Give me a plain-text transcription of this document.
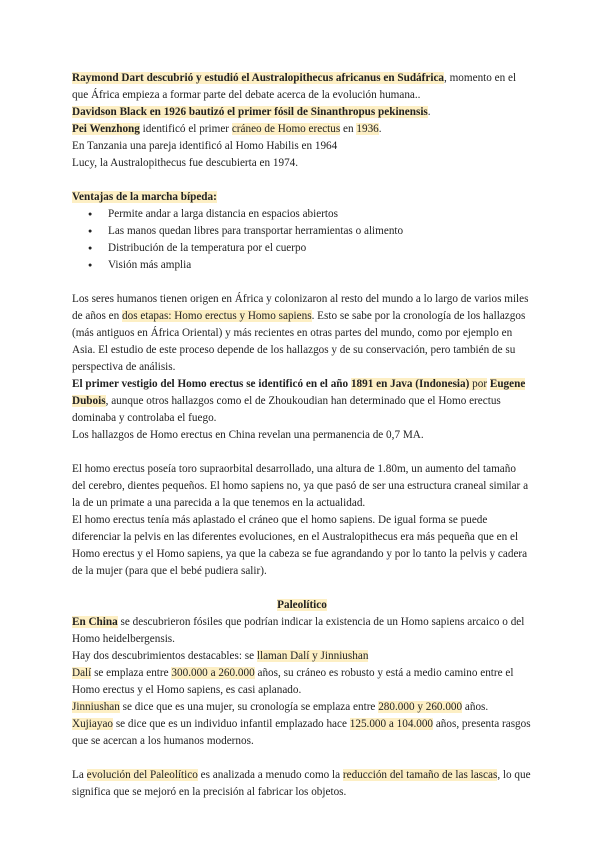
Raymond Dart descubrió y estudió el Australopithecus africanus en Sudáfrica, momento en el que África empieza a formar parte del debate acerca de la evolución humana..

Davidson Black en 1926 bautizó el primer fósil de Sinanthropus pekinensis.

Pei Wenzhong identificó el primer cráneo de Homo erectus en 1936.

En Tanzania una pareja identificó al Homo Habilis en 1964

Lucy, la Australopithecus fue descubierta en 1974.

Ventajas de la marcha bípeda:

● Permite andar a larga distancia en espacios abiertos
● Las manos quedan libres para transportar herramientas o alimento
● Distribución de la temperatura por el cuerpo
● Visión más amplia

Los seres humanos tienen origen en África y colonizaron al resto del mundo a lo largo de varios miles de años en dos etapas: Homo erectus y Homo sapiens. Esto se sabe por la cronología de los hallazgos (más antiguos en África Oriental) y más recientes en otras partes del mundo, como por ejemplo en Asia. El estudio de este proceso depende de los hallazgos y de su conservación, pero también de su perspectiva de análisis.

El primer vestigio del Homo erectus se identificó en el año 1891 en Java (Indonesia) por Eugene Dubois, aunque otros hallazgos como el de Zhoukoudian han determinado que el Homo erectus dominaba y controlaba el fuego.

Los hallazgos de Homo erectus en China revelan una permanencia de 0,7 MA.

El homo erectus poseía toro supraorbital desarrollado, una altura de 1.80m, un aumento del tamaño del cerebro, dientes pequeños. El homo sapiens no, ya que pasó de ser una estructura craneal similar a la de un primate a una parecida a la que tenemos en la actualidad.

El homo erectus tenía más aplastado el cráneo que el homo sapiens. De igual forma se puede diferenciar la pelvis en las diferentes evoluciones, en el Australopithecus era más pequeña que en el Homo erectus y el Homo sapiens, ya que la cabeza se fue agrandando y por lo tanto la pelvis y cadera de la mujer (para que el bebé pudiera salir).

Paleolítico

En China se descubrieron fósiles que podrían indicar la existencia de un Homo sapiens arcaico o del Homo heidelbergensis.

Hay dos descubrimientos destacables: se llaman Dalí y Jinniushan

Dalí se emplaza entre 300.000 a 260.000 años, su cráneo es robusto y está a medio camino entre el Homo erectus y el Homo sapiens, es casi aplanado.

Jinniushan se dice que es una mujer, su cronología se emplaza entre 280.000 y 260.000 años.

Xujiayao se dice que es un individuo infantil emplazado hace 125.000 a 104.000 años, presenta rasgos que se acercan a los humanos modernos.

La evolución del Paleolítico es analizada a menudo como la reducción del tamaño de las lascas, lo que significa que se mejoró en la precisión al fabricar los objetos.
